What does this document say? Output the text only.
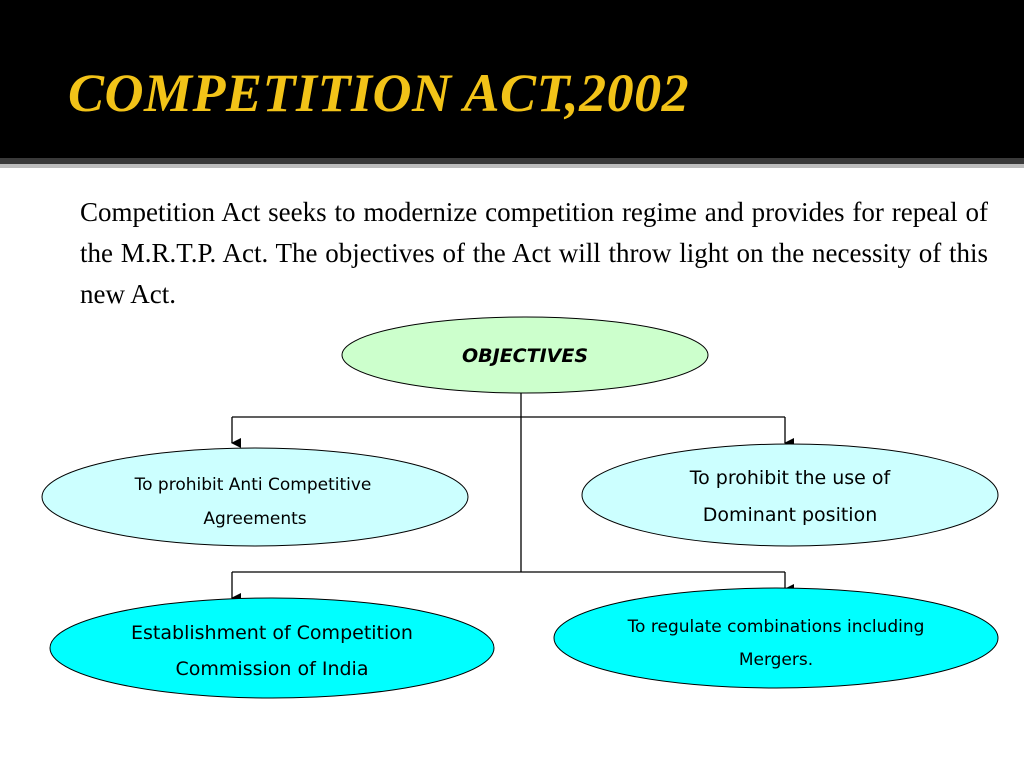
COMPETITION ACT,2002

Competition Act seeks to modernize competition regime and provides for repeal of the M.R.T.P. Act. The objectives of the Act will throw light on the necessity of this new Act.

OBJECTIVES
To prohibit Anti Competitive
Agreements
To prohibit the use of
Dominant position
Establishment of Competition
Commission of India
To regulate combinations including
Mergers.
